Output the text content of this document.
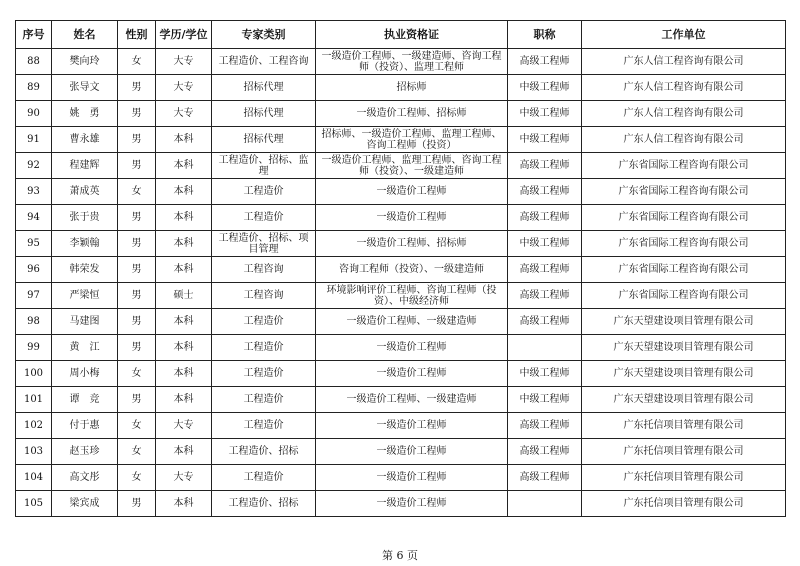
序号	姓名	性别	学历/学位	专家类别	执业资格证	职称	工作单位
88	樊向玲	女	大专	工程造价、工程咨询	一级造价工程师、一级建造师、咨询工程师（投资）、监理工程师	高级工程师	广东人信工程咨询有限公司
89	张导文	男	大专	招标代理	招标师	中级工程师	广东人信工程咨询有限公司
90	姚　勇	男	大专	招标代理	一级造价工程师、招标师	中级工程师	广东人信工程咨询有限公司
91	曹永雄	男	本科	招标代理	招标师、一级造价工程师、监理工程师、咨询工程师（投资）	中级工程师	广东人信工程咨询有限公司
92	程建辉	男	本科	工程造价、招标、监理	一级造价工程师、监理工程师、咨询工程师（投资）、一级建造师	高级工程师	广东省国际工程咨询有限公司
93	萧成英	女	本科	工程造价	一级造价工程师	高级工程师	广东省国际工程咨询有限公司
94	张于贵	男	本科	工程造价	一级造价工程师	高级工程师	广东省国际工程咨询有限公司
95	李颖翰	男	本科	工程造价、招标、项目管理	一级造价工程师、招标师	中级工程师	广东省国际工程咨询有限公司
96	韩荣发	男	本科	工程咨询	咨询工程师（投资）、一级建造师	高级工程师	广东省国际工程咨询有限公司
97	严梁恒	男	硕士	工程咨询	环境影响评价工程师、咨询工程师（投资）、中级经济师	高级工程师	广东省国际工程咨询有限公司
98	马建图	男	本科	工程造价	一级造价工程师、一级建造师	高级工程师	广东天望建设项目管理有限公司
99	黄　江	男	本科	工程造价	一级造价工程师		广东天望建设项目管理有限公司
100	周小梅	女	本科	工程造价	一级造价工程师	中级工程师	广东天望建设项目管理有限公司
101	谭　竞	男	本科	工程造价	一级造价工程师、一级建造师	中级工程师	广东天望建设项目管理有限公司
102	付于惠	女	大专	工程造价	一级造价工程师	高级工程师	广东托信项目管理有限公司
103	赵玉珍	女	本科	工程造价、招标	一级造价工程师	高级工程师	广东托信项目管理有限公司
104	高文彤	女	大专	工程造价	一级造价工程师	高级工程师	广东托信项目管理有限公司
105	梁宾成	男	本科	工程造价、招标	一级造价工程师		广东托信项目管理有限公司
第 6 页
